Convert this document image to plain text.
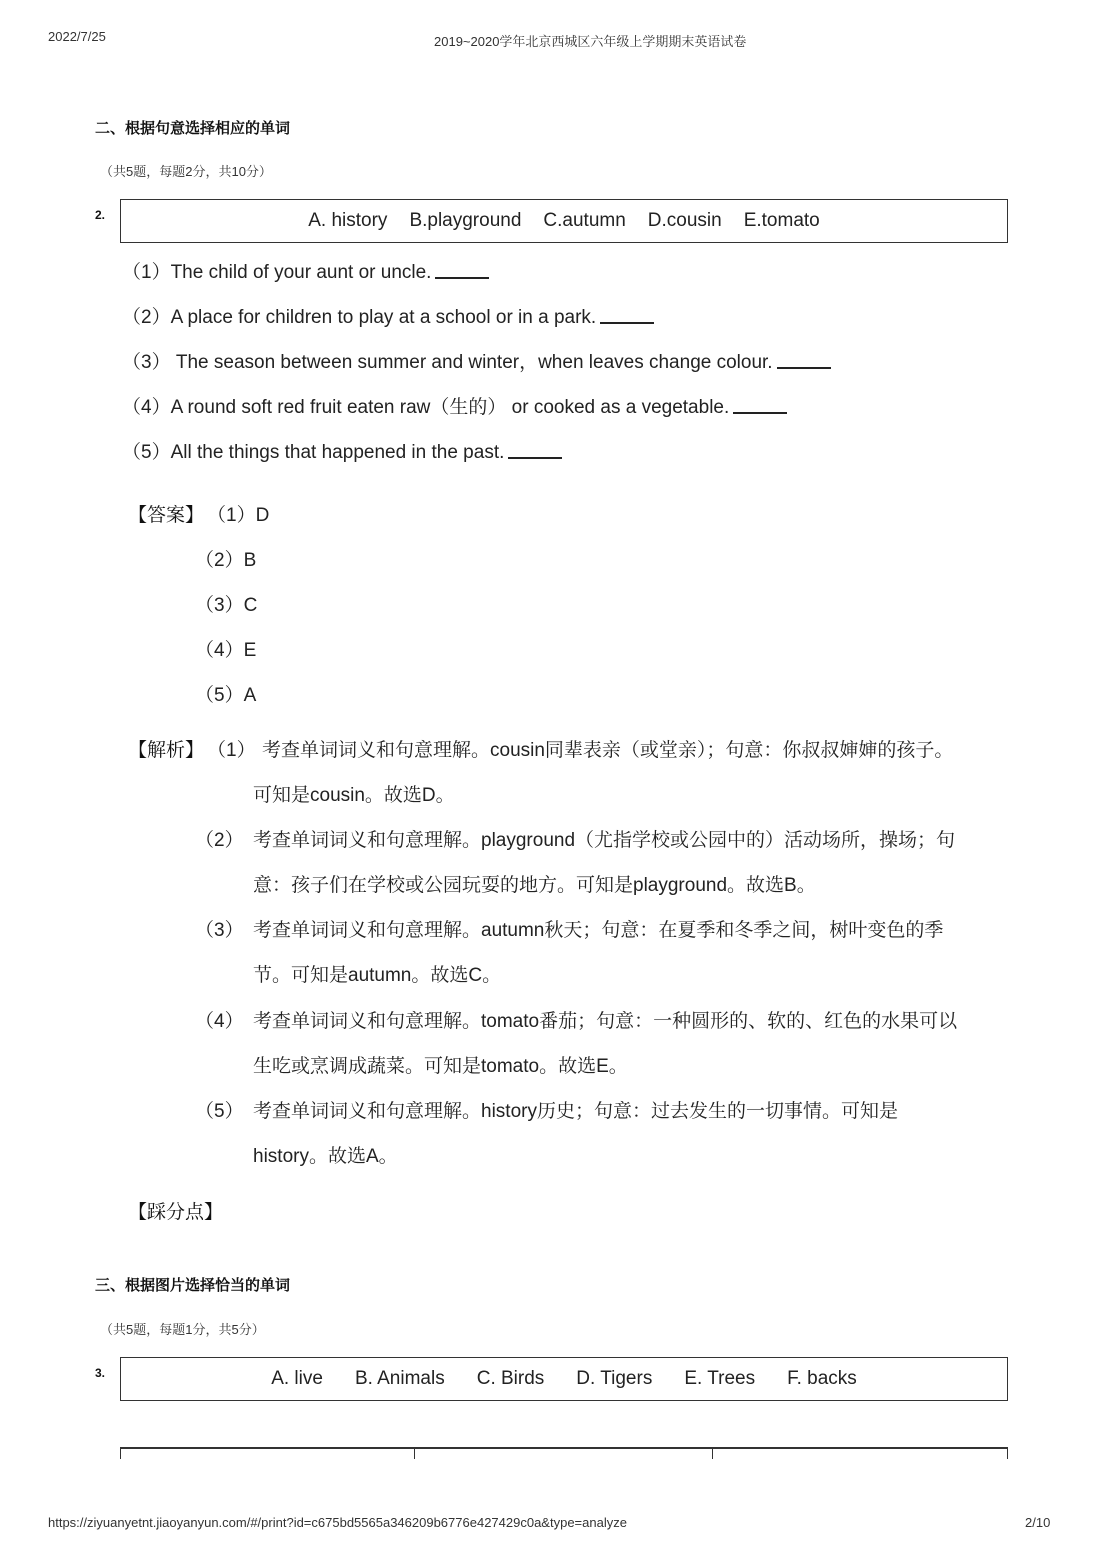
2022/7/25	2019~2020学年北京西城区六年级上学期期末英语试卷
二、根据句意选择相应的单词
（共5题，每题2分，共10分）
2.	A. history B.playground C.autumn D.cousin E.tomato
（1）The child of your aunt or uncle.
（2）A place for children to play at a school or in a park.
（3） The season between summer and winter，when leaves change colour.
（4）A round soft red fruit eaten raw（生的） or cooked as a vegetable.
（5）All the things that happened in the past.
【答案】 （1）D
（2）B
（3）C
（4）E
（5）A
【解析】 （1） 考查单词词义和句意理解。cousin同辈表亲（或堂亲）；句意：你叔叔婶婶的孩子。
可知是cousin。故选D。
（2） 考查单词词义和句意理解。playground（尤指学校或公园中的）活动场所，操场；句
意：孩子们在学校或公园玩耍的地方。可知是playground。故选B。
（3） 考查单词词义和句意理解。autumn秋天；句意：在夏季和冬季之间，树叶变色的季
节。可知是autumn。故选C。
（4） 考查单词词义和句意理解。tomato番茄；句意：一种圆形的、软的、红色的水果可以
生吃或烹调成蔬菜。可知是tomato。故选E。
（5） 考查单词词义和句意理解。history历史；句意：过去发生的一切事情。可知是
history。故选A。
【踩分点】
三、根据图片选择恰当的单词
（共5题，每题1分，共5分）
3.	A. live B. Animals C. Birds D. Tigers E. Trees F. backs
https://ziyuanyetnt.jiaoyanyun.com/#/print?id=c675bd5565a346209b6776e427429c0a&type=analyze	2/10
